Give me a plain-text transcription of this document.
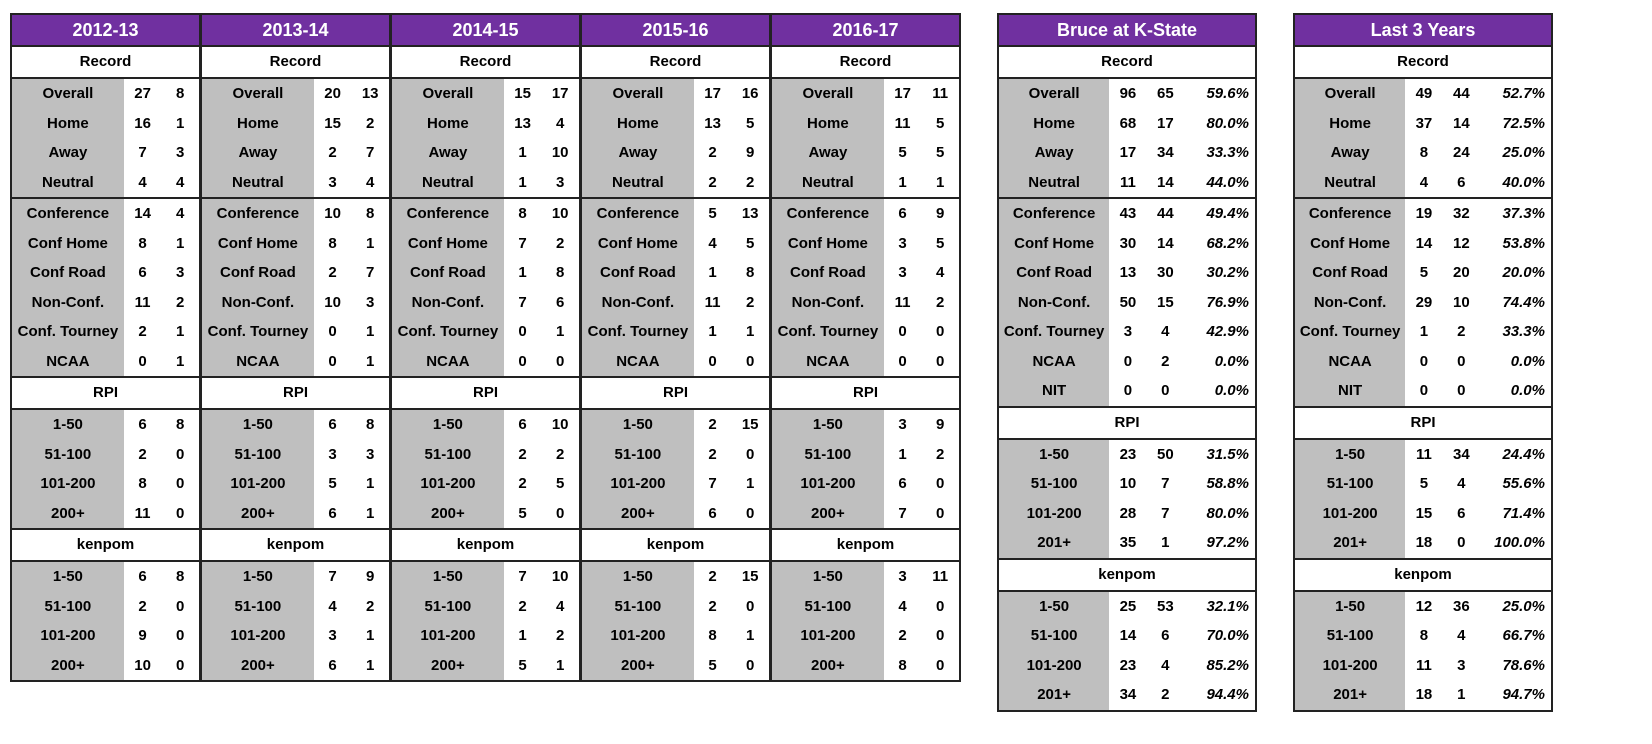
2012-13
Record
Overall	27	8
Home	16	1
Away	7	3
Neutral	4	4
Conference	14	4
Conf Home	8	1
Conf Road	6	3
Non-Conf.	11	2
Conf. Tourney	2	1
NCAA	0	1
RPI
1-50	6	8
51-100	2	0
101-200	8	0
200+	11	0
kenpom
1-50	6	8
51-100	2	0
101-200	9	0
200+	10	0
2013-14
Record
Overall	20	13
Home	15	2
Away	2	7
Neutral	3	4
Conference	10	8
Conf Home	8	1
Conf Road	2	7
Non-Conf.	10	3
Conf. Tourney	0	1
NCAA	0	1
RPI
1-50	6	8
51-100	3	3
101-200	5	1
200+	6	1
kenpom
1-50	7	9
51-100	4	2
101-200	3	1
200+	6	1
2014-15
Record
Overall	15	17
Home	13	4
Away	1	10
Neutral	1	3
Conference	8	10
Conf Home	7	2
Conf Road	1	8
Non-Conf.	7	6
Conf. Tourney	0	1
NCAA	0	0
RPI
1-50	6	10
51-100	2	2
101-200	2	5
200+	5	0
kenpom
1-50	7	10
51-100	2	4
101-200	1	2
200+	5	1
2015-16
Record
Overall	17	16
Home	13	5
Away	2	9
Neutral	2	2
Conference	5	13
Conf Home	4	5
Conf Road	1	8
Non-Conf.	11	2
Conf. Tourney	1	1
NCAA	0	0
RPI
1-50	2	15
51-100	2	0
101-200	7	1
200+	6	0
kenpom
1-50	2	15
51-100	2	0
101-200	8	1
200+	5	0
2016-17
Record
Overall	17	11
Home	11	5
Away	5	5
Neutral	1	1
Conference	6	9
Conf Home	3	5
Conf Road	3	4
Non-Conf.	11	2
Conf. Tourney	0	0
NCAA	0	0
RPI
1-50	3	9
51-100	1	2
101-200	6	0
200+	7	0
kenpom
1-50	3	11
51-100	4	0
101-200	2	0
200+	8	0
Bruce at K-State
Record
Overall	96	65	59.6%
Home	68	17	80.0%
Away	17	34	33.3%
Neutral	11	14	44.0%
Conference	43	44	49.4%
Conf Home	30	14	68.2%
Conf Road	13	30	30.2%
Non-Conf.	50	15	76.9%
Conf. Tourney	3	4	42.9%
NCAA	0	2	0.0%
NIT	0	0	0.0%
RPI
1-50	23	50	31.5%
51-100	10	7	58.8%
101-200	28	7	80.0%
201+	35	1	97.2%
kenpom
1-50	25	53	32.1%
51-100	14	6	70.0%
101-200	23	4	85.2%
201+	34	2	94.4%
Last 3 Years
Record
Overall	49	44	52.7%
Home	37	14	72.5%
Away	8	24	25.0%
Neutral	4	6	40.0%
Conference	19	32	37.3%
Conf Home	14	12	53.8%
Conf Road	5	20	20.0%
Non-Conf.	29	10	74.4%
Conf. Tourney	1	2	33.3%
NCAA	0	0	0.0%
NIT	0	0	0.0%
RPI
1-50	11	34	24.4%
51-100	5	4	55.6%
101-200	15	6	71.4%
201+	18	0	100.0%
kenpom
1-50	12	36	25.0%
51-100	8	4	66.7%
101-200	11	3	78.6%
201+	18	1	94.7%
